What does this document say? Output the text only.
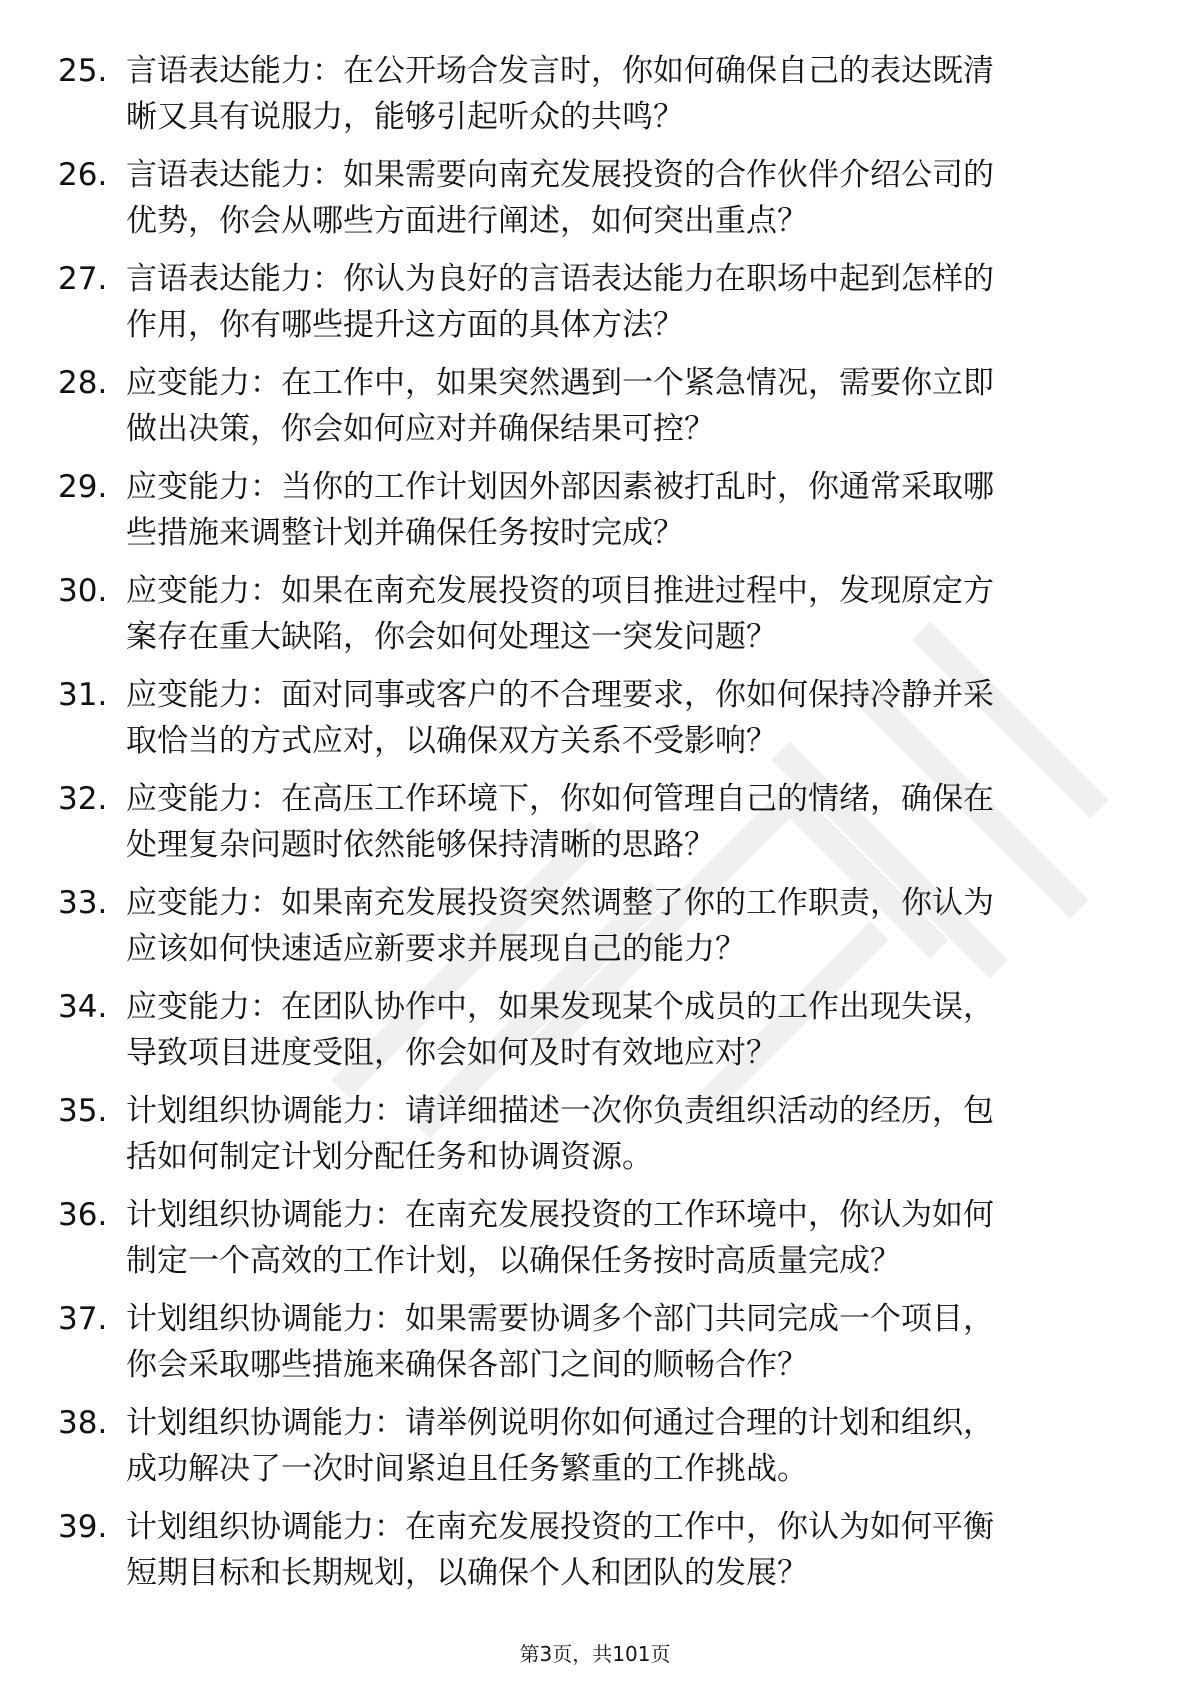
25. 言语表达能力：在公开场合发言时，你如何确保自己的表达既清
晰又具有说服力，能够引起听众的共鸣？
26. 言语表达能力：如果需要向南充发展投资的合作伙伴介绍公司的
优势，你会从哪些方面进行阐述，如何突出重点？
27. 言语表达能力：你认为良好的言语表达能力在职场中起到怎样的
作用，你有哪些提升这方面的具体方法？
28. 应变能力：在工作中，如果突然遇到一个紧急情况，需要你立即
做出决策，你会如何应对并确保结果可控？
29. 应变能力：当你的工作计划因外部因素被打乱时，你通常采取哪
些措施来调整计划并确保任务按时完成？
30. 应变能力：如果在南充发展投资的项目推进过程中，发现原定方
案存在重大缺陷，你会如何处理这一突发问题？
31. 应变能力：面对同事或客户的不合理要求，你如何保持冷静并采
取恰当的方式应对，以确保双方关系不受影响？
32. 应变能力：在高压工作环境下，你如何管理自己的情绪，确保在
处理复杂问题时依然能够保持清晰的思路？
33. 应变能力：如果南充发展投资突然调整了你的工作职责，你认为
应该如何快速适应新要求并展现自己的能力？
34. 应变能力：在团队协作中，如果发现某个成员的工作出现失误，
导致项目进度受阻，你会如何及时有效地应对？
35. 计划组织协调能力：请详细描述一次你负责组织活动的经历，包
括如何制定计划分配任务和协调资源。
36. 计划组织协调能力：在南充发展投资的工作环境中，你认为如何
制定一个高效的工作计划，以确保任务按时高质量完成？
37. 计划组织协调能力：如果需要协调多个部门共同完成一个项目，
你会采取哪些措施来确保各部门之间的顺畅合作？
38. 计划组织协调能力：请举例说明你如何通过合理的计划和组织，
成功解决了一次时间紧迫且任务繁重的工作挑战。
39. 计划组织协调能力：在南充发展投资的工作中，你认为如何平衡
短期目标和长期规划，以确保个人和团队的发展？
第3页，共101页
